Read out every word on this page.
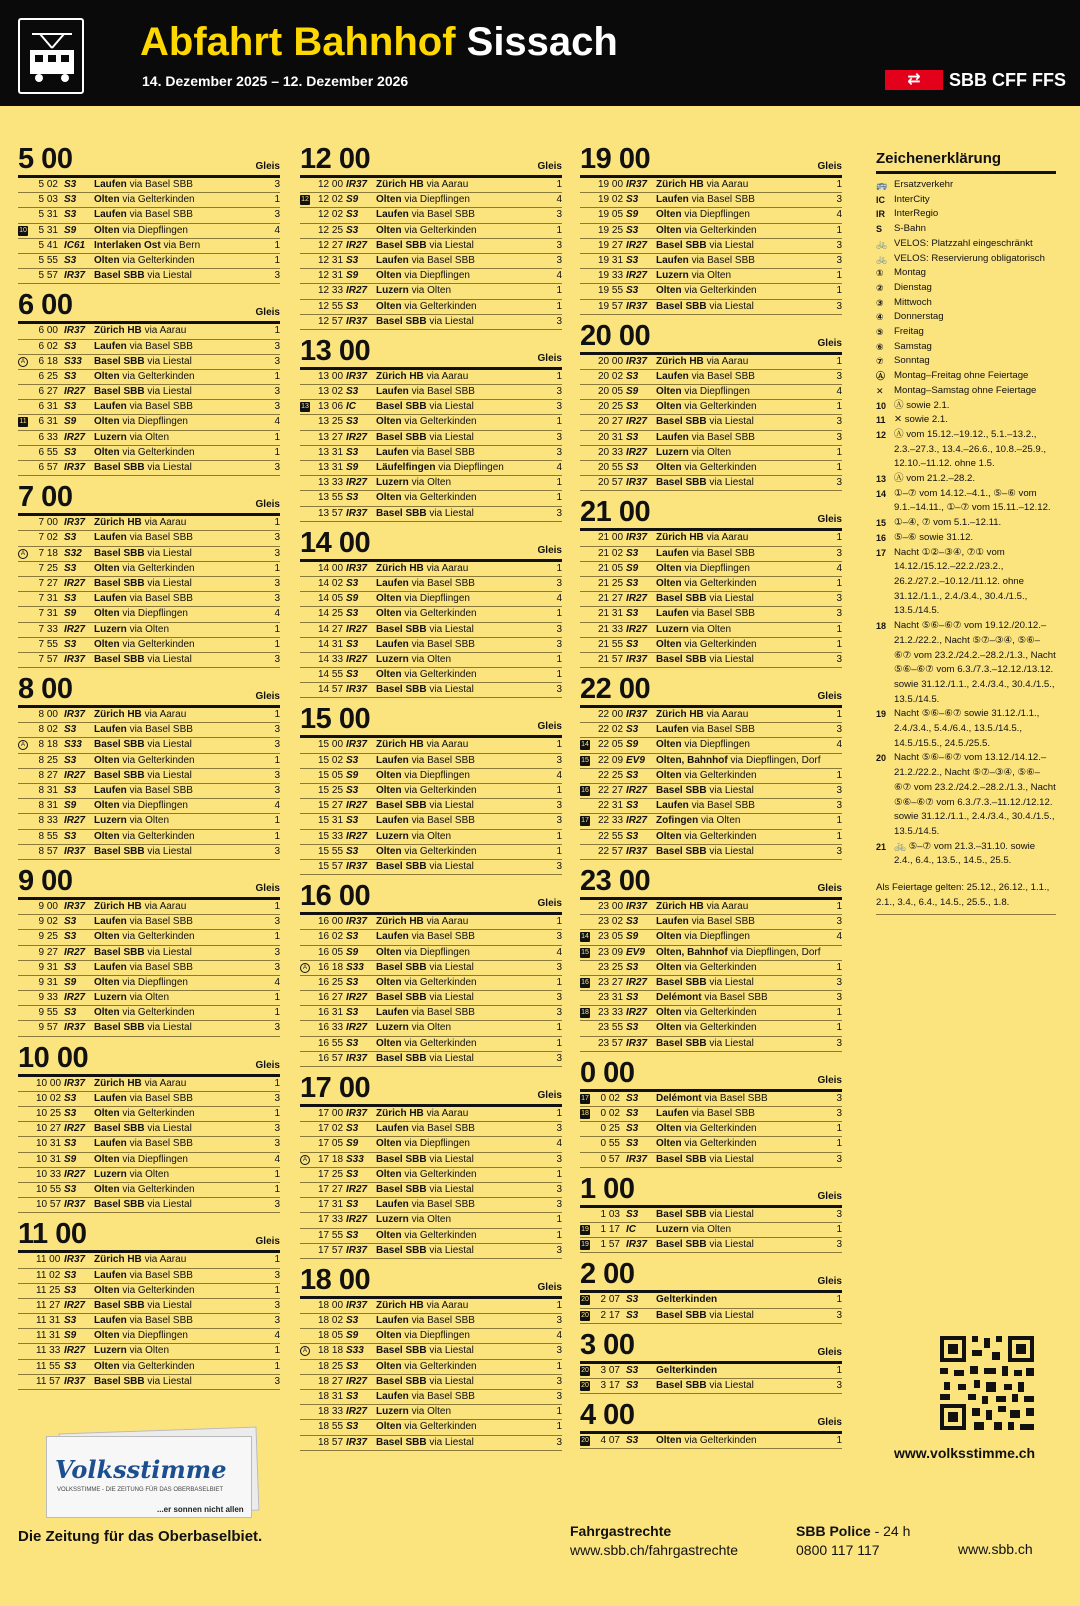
Abfahrt Bahnhof Sissach
14. Dezember 2025 – 12. Dezember 2026	⇄	SBB CFF FFS
5 00	Gleis
5 02 S3 Laufen via Basel SBB	3
5 03 S3 Olten via Gelterkinden	1
5 31 S3 Laufen via Basel SBB	3
10 5 31 S9 Olten via Diepflingen	4
5 41 IC61 Interlaken Ost via Bern	1
5 55 S3 Olten via Gelterkinden	1
5 57 IR37 Basel SBB via Liestal	3
6 00	Gleis
6 00 IR37 Zürich HB via Aarau	1
6 02 S3 Laufen via Basel SBB	3
A	6 18 S33 Basel SBB via Liestal	3
6 25 S3 Olten via Gelterkinden	1
6 27 IR27 Basel SBB via Liestal	3
6 31 S3 Laufen via Basel SBB	3
11 6 31 S9 Olten via Diepflingen	4
6 33 IR27 Luzern via Olten	1
6 55 S3 Olten via Gelterkinden	1
6 57 IR37 Basel SBB via Liestal	3
7 00	Gleis
7 00 IR37 Zürich HB via Aarau	1
7 02 S3 Laufen via Basel SBB	3
A	7 18 S32 Basel SBB via Liestal	3
7 25 S3 Olten via Gelterkinden	1
7 27 IR27 Basel SBB via Liestal	3
7 31 S3 Laufen via Basel SBB	3
7 31 S9 Olten via Diepflingen	4
7 33 IR27 Luzern via Olten	1
7 55 S3 Olten via Gelterkinden	1
7 57 IR37 Basel SBB via Liestal	3
8 00	Gleis
8 00 IR37 Zürich HB via Aarau	1
8 02 S3 Laufen via Basel SBB	3
A	8 18 S33 Basel SBB via Liestal	3
8 25 S3 Olten via Gelterkinden	1
8 27 IR27 Basel SBB via Liestal	3
8 31 S3 Laufen via Basel SBB	3
8 31 S9 Olten via Diepflingen	4
8 33 IR27 Luzern via Olten	1
8 55 S3 Olten via Gelterkinden	1
8 57 IR37 Basel SBB via Liestal	3
9 00	Gleis
9 00 IR37 Zürich HB via Aarau	1
9 02 S3 Laufen via Basel SBB	3
9 25 S3 Olten via Gelterkinden	1
9 27 IR27 Basel SBB via Liestal	3
9 31 S3 Laufen via Basel SBB	3
9 31 S9 Olten via Diepflingen	4
9 33 IR27 Luzern via Olten	1
9 55 S3 Olten via Gelterkinden	1
9 57 IR37 Basel SBB via Liestal	3
10 00	Gleis
10 00 IR37 Zürich HB via Aarau	1
10 02 S3 Laufen via Basel SBB	3
10 25 S3 Olten via Gelterkinden	1
10 27 IR27 Basel SBB via Liestal	3
10 31 S3 Laufen via Basel SBB	3
10 31 S9 Olten via Diepflingen	4
10 33 IR27 Luzern via Olten	1
10 55 S3 Olten via Gelterkinden	1
10 57 IR37 Basel SBB via Liestal	3
11 00	Gleis
11 00 IR37 Zürich HB via Aarau	1
11 02 S3 Laufen via Basel SBB	3
11 25 S3 Olten via Gelterkinden	1
11 27 IR27 Basel SBB via Liestal	3
11 31 S3 Laufen via Basel SBB	3
11 31 S9 Olten via Diepflingen	4
11 33 IR27 Luzern via Olten	1
11 55 S3 Olten via Gelterkinden	1
11 57 IR37 Basel SBB via Liestal	3
12 00	Gleis
12 00 IR37 Zürich HB via Aarau	1
12 12 02 S9 Olten via Diepflingen	4
12 02 S3 Laufen via Basel SBB	3
12 25 S3 Olten via Gelterkinden	1
12 27 IR27 Basel SBB via Liestal	3
12 31 S3 Laufen via Basel SBB	3
12 31 S9 Olten via Diepflingen	4
12 33 IR27 Luzern via Olten	1
12 55 S3 Olten via Gelterkinden	1
12 57 IR37 Basel SBB via Liestal	3
13 00	Gleis
13 00 IR37 Zürich HB via Aarau	1
13 02 S3 Laufen via Basel SBB	3
13 13 06 IC Basel SBB via Liestal	3
13 25 S3 Olten via Gelterkinden	1
13 27 IR27 Basel SBB via Liestal	3
13 31 S3 Laufen via Basel SBB	3
13 31 S9 Läufelfingen via Diepflingen	4
13 33 IR27 Luzern via Olten	1
13 55 S3 Olten via Gelterkinden	1
13 57 IR37 Basel SBB via Liestal	3
14 00	Gleis
14 00 IR37 Zürich HB via Aarau	1
14 02 S3 Laufen via Basel SBB	3
14 05 S9 Olten via Diepflingen	4
14 25 S3 Olten via Gelterkinden	1
14 27 IR27 Basel SBB via Liestal	3
14 31 S3 Laufen via Basel SBB	3
14 33 IR27 Luzern via Olten	1
14 55 S3 Olten via Gelterkinden	1
14 57 IR37 Basel SBB via Liestal	3
15 00	Gleis
15 00 IR37 Zürich HB via Aarau	1
15 02 S3 Laufen via Basel SBB	3
15 05 S9 Olten via Diepflingen	4
15 25 S3 Olten via Gelterkinden	1
15 27 IR27 Basel SBB via Liestal	3
15 31 S3 Laufen via Basel SBB	3
15 33 IR27 Luzern via Olten	1
15 55 S3 Olten via Gelterkinden	1
15 57 IR37 Basel SBB via Liestal	3
16 00	Gleis
16 00 IR37 Zürich HB via Aarau	1
16 02 S3 Laufen via Basel SBB	3
16 05 S9 Olten via Diepflingen	4
A	16 18 S33 Basel SBB via Liestal	3
16 25 S3 Olten via Gelterkinden	1
16 27 IR27 Basel SBB via Liestal	3
16 31 S3 Laufen via Basel SBB	3
16 33 IR27 Luzern via Olten	1
16 55 S3 Olten via Gelterkinden	1
16 57 IR37 Basel SBB via Liestal	3
17 00	Gleis
17 00 IR37 Zürich HB via Aarau	1
17 02 S3 Laufen via Basel SBB	3
17 05 S9 Olten via Diepflingen	4
A	17 18 S33 Basel SBB via Liestal	3
17 25 S3 Olten via Gelterkinden	1
17 27 IR27 Basel SBB via Liestal	3
17 31 S3 Laufen via Basel SBB	3
17 33 IR27 Luzern via Olten	1
17 55 S3 Olten via Gelterkinden	1
17 57 IR37 Basel SBB via Liestal	3
18 00	Gleis
18 00 IR37 Zürich HB via Aarau	1
18 02 S3 Laufen via Basel SBB	3
18 05 S9 Olten via Diepflingen	4
A	18 18 S33 Basel SBB via Liestal	3
18 25 S3 Olten via Gelterkinden	1
18 27 IR27 Basel SBB via Liestal	3
18 31 S3 Laufen via Basel SBB	3
18 33 IR27 Luzern via Olten	1
18 55 S3 Olten via Gelterkinden	1
18 57 IR37 Basel SBB via Liestal	3
19 00	Gleis
19 00 IR37 Zürich HB via Aarau	1
19 02 S3 Laufen via Basel SBB	3
19 05 S9 Olten via Diepflingen	4
19 25 S3 Olten via Gelterkinden	1
19 27 IR27 Basel SBB via Liestal	3
19 31 S3 Laufen via Basel SBB	3
19 33 IR27 Luzern via Olten	1
19 55 S3 Olten via Gelterkinden	1
19 57 IR37 Basel SBB via Liestal	3
20 00	Gleis
20 00 IR37 Zürich HB via Aarau	1
20 02 S3 Laufen via Basel SBB	3
20 05 S9 Olten via Diepflingen	4
20 25 S3 Olten via Gelterkinden	1
20 27 IR27 Basel SBB via Liestal	3
20 31 S3 Laufen via Basel SBB	3
20 33 IR27 Luzern via Olten	1
20 55 S3 Olten via Gelterkinden	1
20 57 IR37 Basel SBB via Liestal	3
21 00	Gleis
21 00 IR37 Zürich HB via Aarau	1
21 02 S3 Laufen via Basel SBB	3
21 05 S9 Olten via Diepflingen	4
21 25 S3 Olten via Gelterkinden	1
21 27 IR27 Basel SBB via Liestal	3
21 31 S3 Laufen via Basel SBB	3
21 33 IR27 Luzern via Olten	1
21 55 S3 Olten via Gelterkinden	1
21 57 IR37 Basel SBB via Liestal	3
22 00	Gleis
22 00 IR37 Zürich HB via Aarau	1
22 02 S3 Laufen via Basel SBB	3
14 22 05 S9 Olten via Diepflingen	4
15 22 09 EV9 Olten, Bahnhof via Diepflingen, Dorf
22 25 S3 Olten via Gelterkinden	1
16 22 27 IR27 Basel SBB via Liestal	3
22 31 S3 Laufen via Basel SBB	3
17 22 33 IR27 Zofingen via Olten	1
22 55 S3 Olten via Gelterkinden	1
22 57 IR37 Basel SBB via Liestal	3
23 00	Gleis
23 00 IR37 Zürich HB via Aarau	1
23 02 S3 Laufen via Basel SBB	3
14 23 05 S9 Olten via Diepflingen	4
15 23 09 EV9 Olten, Bahnhof via Diepflingen, Dorf
23 25 S3 Olten via Gelterkinden	1
16 23 27 IR27 Basel SBB via Liestal	3
23 31 S3 Delémont via Basel SBB	3
18 23 33 IR27 Olten via Gelterkinden	1
23 55 S3 Olten via Gelterkinden	1
23 57 IR37 Basel SBB via Liestal	3
0 00	Gleis
17 0 02 S3 Delémont via Basel SBB	3
18 0 02 S3 Laufen via Basel SBB	3
0 25 S3 Olten via Gelterkinden	1
0 55 S3 Olten via Gelterkinden	1
0 57 IR37 Basel SBB via Liestal	3
1 00	Gleis
1 03 S3 Basel SBB via Liestal	3
19 1 17 IC Luzern via Olten	1
19 1 57 IR37 Basel SBB via Liestal	3
2 00	Gleis
20 2 07 S3 Gelterkinden	1
20 2 17 S3 Basel SBB via Liestal	3
3 00	Gleis
20 3 07 S3 Gelterkinden	1
20 3 17 S3 Basel SBB via Liestal	3
4 00	Gleis
20 4 07 S3 Olten via Gelterkinden	1
Zeichenerklärung
🚌 Ersatzverkehr
IC InterCity
IR InterRegio
S	S-Bahn
🚲 VELOS: Platzzahl eingeschränkt
🚲 VELOS: Reservierung obligatorisch
①	Montag
②	Dienstag
③	Mittwoch
④	Donnerstag
⑤	Freitag
⑥	Samstag
⑦	Sonntag
Ⓐ Montag–Freitag ohne Feiertage
✕	Montag–Samstag ohne Feiertage
10 Ⓐ sowie 2.1.
11 ✕ sowie 2.1.
12 Ⓐ vom 15.12.–19.12., 5.1.–13.2., 2.3.–27.3., 13.4.–26.6., 10.8.–25.9., 12.10.–11.12. ohne 1.5.
13 Ⓐ vom 21.2.–28.2.
14 ①–⑦ vom 14.12.–4.1., ⑤–⑥ vom 9.1.–14.11., ①–⑦ vom 15.11.–12.12.
15 ①–④, ⑦ vom 5.1.–12.11.
16 ⑤–⑥ sowie 31.12.
17 Nacht ①②–③④, ⑦① vom 14.12./15.12.–22.2./23.2., 26.2./27.2.–10.12./11.12. ohne 31.12./1.1., 2.4./3.4., 30.4./1.5., 13.5./14.5.
18 Nacht ⑤⑥–⑥⑦ vom 19.12./20.12.–21.2./22.2., Nacht ⑤⑦–③④, ⑤⑥–⑥⑦ vom 23.2./24.2.–28.2./1.3., Nacht ⑤⑥–⑥⑦ vom 6.3./7.3.–12.12./13.12. sowie 31.12./1.1., 2.4./3.4., 30.4./1.5., 13.5./14.5.
19 Nacht ⑤⑥–⑥⑦ sowie 31.12./1.1., 2.4./3.4., 5.4./6.4., 13.5./14.5., 14.5./15.5., 24.5./25.5.
20 Nacht ⑤⑥–⑥⑦ vom 13.12./14.12.–21.2./22.2., Nacht ⑤⑦–③④, ⑤⑥–⑥⑦ vom 23.2./24.2.–28.2./1.3., Nacht ⑤⑥–⑥⑦ vom 6.3./7.3.–11.12./12.12. sowie 31.12./1.1., 2.4./3.4., 30.4./1.5., 13.5./14.5.
21 🚲 ⑤–⑦ vom 21.3.–31.10. sowie 2.4., 6.4., 13.5., 14.5., 25.5.
Als Feiertage gelten: 25.12., 26.12., 1.1., 2.1., 3.4., 6.4., 14.5., 25.5., 1.8.
www.volksstimme.ch
Volksstimme
VOLKSSTIMME - DIE ZEITUNG FÜR DAS OBERBASELBIET
...er sonnen nicht allen
Die Zeitung für das Oberbaselbiet.	Fahrgastrechte
www.sbb.ch/fahrgastrechte
SBB Police - 24 h
0800 117 117	www.sbb.ch
